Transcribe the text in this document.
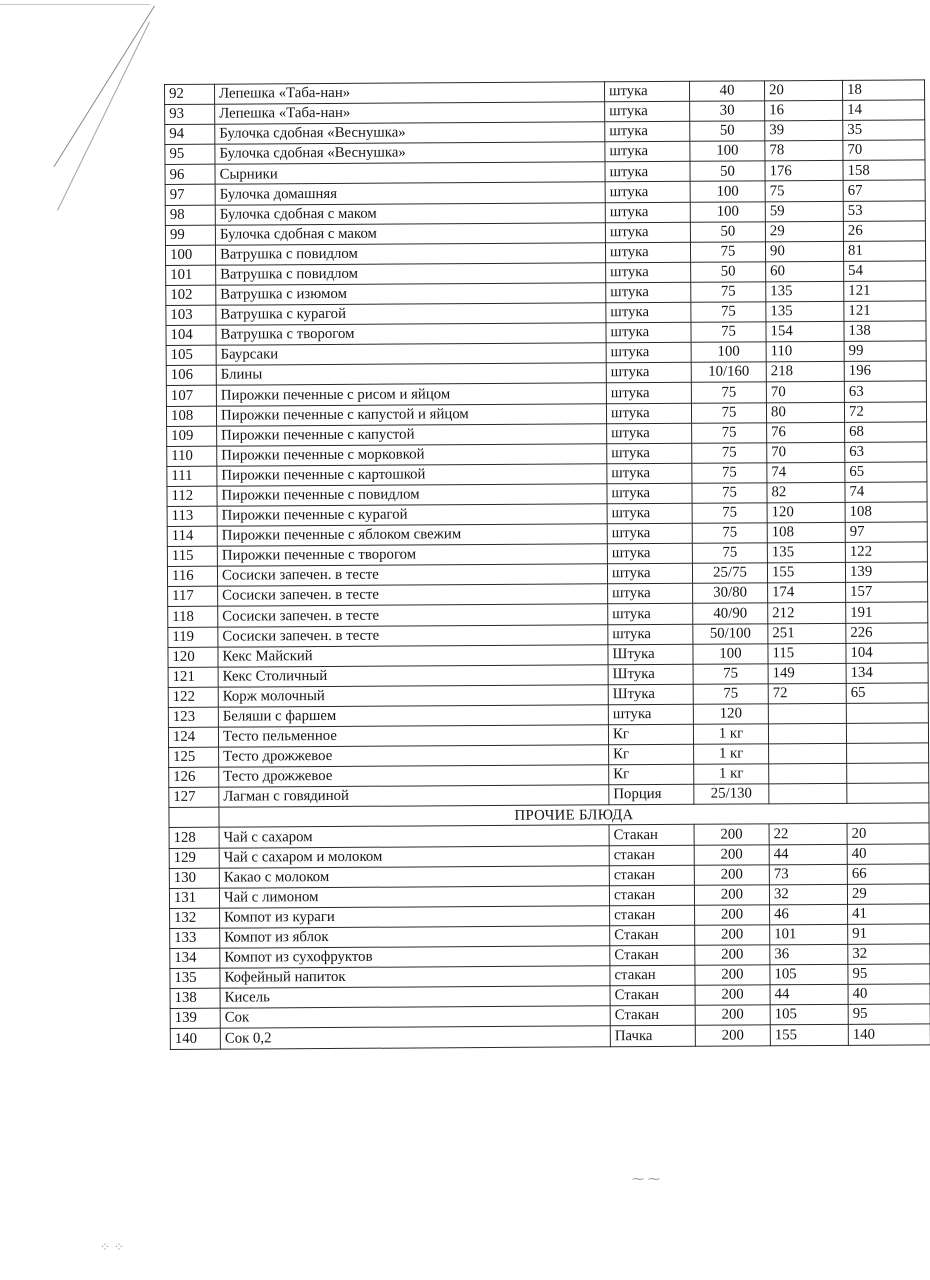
92	Лепешка «Таба-нан»	штука	40	20	18
93	Лепешка «Таба-нан»	штука	30	16	14
94	Булочка сдобная «Веснушка»	штука	50	39	35
95	Булочка сдобная «Веснушка»	штука	100	78	70
96	Сырники	штука	50	176	158
97	Булочка домашняя	штука	100	75	67
98	Булочка сдобная с маком	штука	100	59	53
99	Булочка сдобная с маком	штука	50	29	26
100	Ватрушка с повидлом	штука	75	90	81
101	Ватрушка с повидлом	штука	50	60	54
102	Ватрушка с изюмом	штука	75	135	121
103	Ватрушка с курагой	штука	75	135	121
104	Ватрушка с творогом	штука	75	154	138
105	Баурсаки	штука	100	110	99
106	Блины	штука	10/160	218	196
107	Пирожки печенные с рисом и яйцом	штука	75	70	63
108	Пирожки печенные с капустой и яйцом	штука	75	80	72
109	Пирожки печенные с капустой	штука	75	76	68
110	Пирожки печенные с морковкой	штука	75	70	63
111	Пирожки печенные с картошкой	штука	75	74	65
112	Пирожки печенные с повидлом	штука	75	82	74
113	Пирожки печенные с курагой	штука	75	120	108
114	Пирожки печенные с яблоком свежим	штука	75	108	97
115	Пирожки печенные с творогом	штука	75	135	122
116	Сосиски запечен. в тесте	штука	25/75	155	139
117	Сосиски запечен. в тесте	штука	30/80	174	157
118	Сосиски запечен. в тесте	штука	40/90	212	191
119	Сосиски запечен. в тесте	штука	50/100	251	226
120	Кекс Майский	Штука	100	115	104
121	Кекс Столичный	Штука	75	149	134
122	Корж молочный	Штука	75	72	65
123	Беляши с фаршем	штука	120		
124	Тесто пельменное	Кг	1 кг		
125	Тесто дрожжевое	Кг	1 кг		
126	Тесто дрожжевое	Кг	1 кг		
127	Лагман с говядиной	Порция	25/130		
	ПРОЧИЕ БЛЮДА				
128	Чай с сахаром	Стакан	200	22	20
129	Чай с сахаром и молоком	стакан	200	44	40
130	Какао с молоком	стакан	200	73	66
131	Чай с лимоном	стакан	200	32	29
132	Компот из кураги	стакан	200	46	41
133	Компот из яблок	Стакан	200	101	91
134	Компот из сухофруктов	Стакан	200	36	32
135	Кофейный напиток	стакан	200	105	95
138	Кисель	Стакан	200	44	40
139	Сок	Стакан	200	105	95
140	Сок 0,2	Пачка	200	155	140
⁘ ⁘
⁓ ⁓
